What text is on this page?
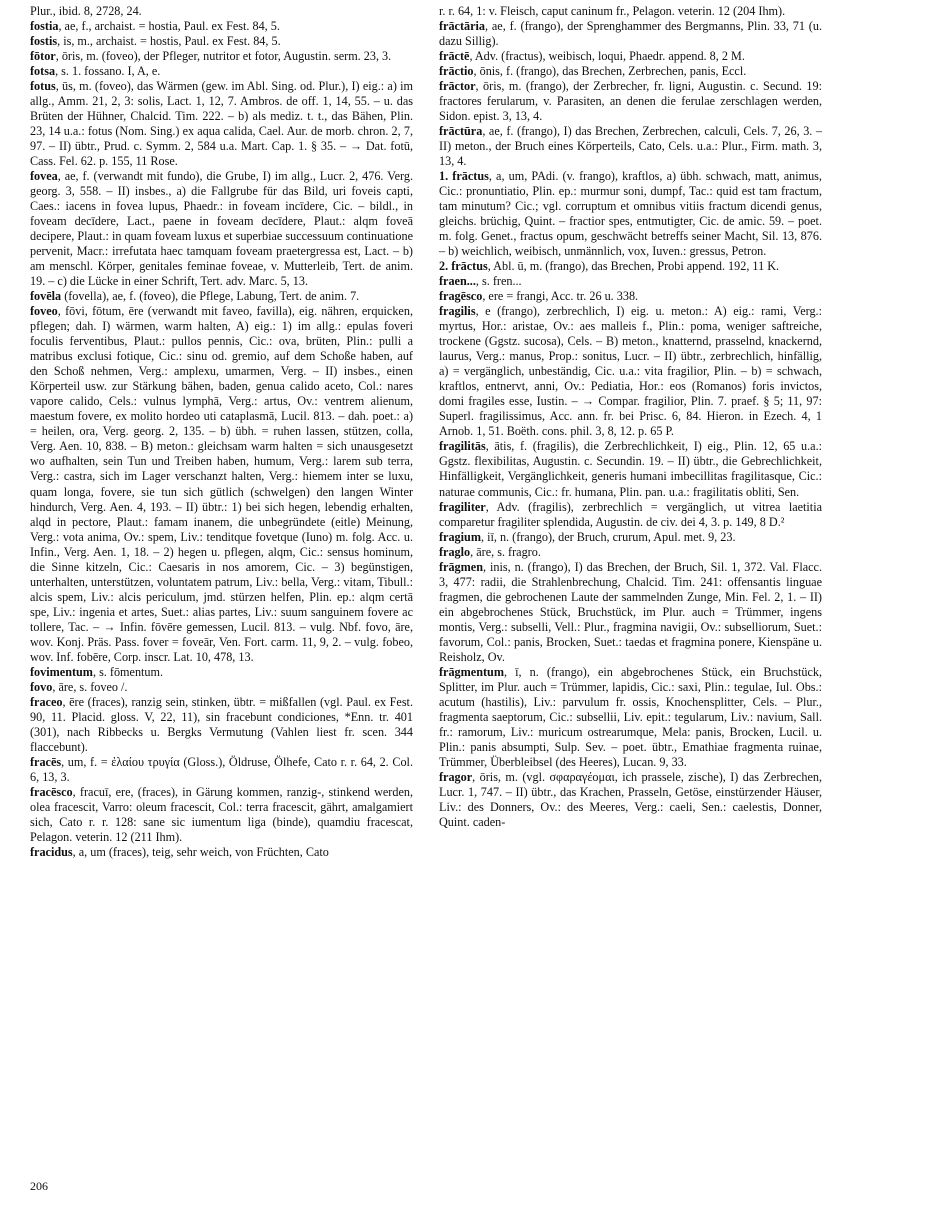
Plur., ibid. 8, 2728, 24.

fostia, ae, f., archaist. = hostia, Paul. ex Fest. 84, 5.

fostis, is, m., archaist. = hostis, Paul. ex Fest. 84, 5.

fōtor, ōris, m. (foveo), der Pfleger, nutritor et fotor, Augustin. serm. 23, 3.

fotsa, s. 1. fossano. I, A, e.

fotus, ūs, m. (foveo), das Wärmen (gew. im Abl. Sing. od. Plur.), I) eig.: a) im allg., Amm. 21, 2, 3: solis, Lact. 1, 12, 7. Ambros. de off. 1, 14, 55. – u. das Brüten der Hühner, Chalcid. Tim. 222. – b) als mediz. t. t., das Bähen, Plin. 23, 14 u.a.: fotus (Nom. Sing.) ex aqua calida, Cael. Aur. de morb. chron. 2, 7, 97. – II) übtr., Prud. c. Symm. 2, 584 u.a. Mart. Cap. 1. § 35. – → Dat. fotū, Cass. Fel. 62. p. 155, 11 Rose.

fovea, ae, f. (verwandt mit fundo), die Grube, I) im allg., Lucr. 2, 476. Verg. georg. 3, 558. – II) insbes., a) die Fallgrube für das Bild, uri foveis capti, Caes.: iacens in fovea lupus, Phaedr.: in foveam incīdere, Cic. – bildl., in foveam decīdere, Lact., paene in foveam decīdere, Plaut.: alqm foveā decipere, Plaut.: in quam foveam luxus et superbiae successuum continuatione pervenit, Macr.: irrefutata haec tamquam foveam praetergressa est, Lact. – b) am menschl. Körper, genitales feminae foveae, v. Mutterleib, Tert. de anim. 19. – c) die Lücke in einer Schrift, Tert. adv. Marc. 5, 13.

fovēla (fovella), ae, f. (foveo), die Pflege, Labung, Tert. de anim. 7.

foveo, fōvi, fōtum, ēre (verwandt mit faveo, favilla), eig. nähren, erquicken, pflegen; dah. I) wärmen, warm halten, A) eig.: 1) im allg.: epulas foveri foculis ferventibus, Plaut.: pullos pennis, Cic.: ova, brüten, Plin.: pulli a matribus exclusi fotique, Cic.: sinu od. gremio, auf dem Schoße haben, auf den Schoß nehmen, Verg.: amplexu, umarmen, Verg. – II) insbes., einen Körperteil usw. zur Stärkung bähen, baden, genua calido aceto, Col.: nares vapore calido, Cels.: vulnus lymphā, Verg.: artus, Ov.: ventrem alienum, maestum fovere, ex molito hordeo uti cataplasmā, Lucil. 813. – dah. poet.: a) = heilen, ora, Verg. georg. 2, 135. – b) übh. = ruhen lassen, stützen, colla, Verg. Aen. 10, 838. – B) meton.: gleichsam warm halten = sich unausgesetzt wo aufhalten, sein Tun und Treiben haben, humum, Verg.: larem sub terra, Verg.: castra, sich im Lager verschanzt halten, Verg.: hiemem inter se luxu, quam longa, fovere, sie tun sich gütlich (schwelgen) den langen Winter hindurch, Verg. Aen. 4, 193. – II) übtr.: 1) bei sich hegen, lebendig erhalten, alqd in pectore, Plaut.: famam inanem, die unbegründete (eitle) Meinung, Verg.: vota anima, Ov.: spem, Liv.: tenditque fovetque (Iuno) m. folg. Acc. u. Infin., Verg. Aen. 1, 18. – 2) hegen u. pflegen, alqm, Cic.: sensus hominum, die Sinne kitzeln, Cic.: Caesaris in nos amorem, Cic. – 3) begünstigen, unterhalten, unterstützen, voluntatem patrum, Liv.: bella, Verg.: vitam, Tibull.: alcis spem, Liv.: alcis periculum, jmd. stürzen helfen, Plin. ep.: alqm certā spe, Liv.: ingenia et artes, Suet.: alias partes, Liv.: suum sanguinem fovere ac tollere, Tac. – → Infin. fōvēre gemessen, Lucil. 813. – vulg. Nbf. fovo, āre, wov. Konj. Präs. Pass. fover = foveār, Ven. Fort. carm. 11, 9, 2. – vulg. fobeo, wov. Inf. fobēre, Corp. inscr. Lat. 10, 478, 13.

fovimentum, s. fōmentum.

fovo, āre, s. foveo /.

fraceo, ēre (fraces), ranzig sein, stinken, übtr. = mißfallen (vgl. Paul. ex Fest. 90, 11. Placid. gloss. V, 22, 11), sin fracebunt condiciones, *Enn. tr. 401 (301), nach Ribbecks u. Bergks Vermutung (Vahlen liest fr. scen. 344 flaccebunt).

fracēs, um, f. = ἐλαίου τρυγία (Gloss.), Öldruse, Ölhefe, Cato r. r. 64, 2. Col. 6, 13, 3.

fracēsco, fracuī, ere, (fraces), in Gärung kommen, ranzig-, stinkend werden, olea fracescit, Varro: oleum fracescit, Col.: terra fracescit, gährt, amalgamiert sich, Cato r. r. 128: sane sic iumentum liga (binde), quamdiu fracescat, Pelagon. veterin. 12 (211 Ihm).

fracidus, a, um (fraces), teig, sehr weich, von Früchten, Cato

r. r. 64, 1: v. Fleisch, caput caninum fr., Pelagon. veterin. 12 (204 Ihm).

frāctāria, ae, f. (frango), der Sprenghammer des Bergmanns, Plin. 33, 71 (u. dazu Sillig).

frāctē, Adv. (fractus), weibisch, loqui, Phaedr. append. 8, 2 M.

frāctio, ōnis, f. (frango), das Brechen, Zerbrechen, panis, Eccl.

frāctor, ōris, m. (frango), der Zerbrecher, fr. ligni, Augustin. c. Secund. 19: fractores ferularum, v. Parasiten, an denen die ferulae zerschlagen werden, Sidon. epist. 3, 13, 4.

frāctūra, ae, f. (frango), I) das Brechen, Zerbrechen, calculi, Cels. 7, 26, 3. – II) meton., der Bruch eines Körperteils, Cato, Cels. u.a.: Plur., Firm. math. 3, 13, 4.

1. frāctus, a, um, PAdi. (v. frango), kraftlos, a) übh. schwach, matt, animus, Cic.: pronuntiatio, Plin. ep.: murmur soni, dumpf, Tac.: quid est tam fractum, tam minutum? Cic.; vgl. corruptum et omnibus vitiis fractum dicendi genus, gleichs. brüchig, Quint. – fractior spes, entmutigter, Cic. de amic. 59. – poet. m. folg. Genet., fractus opum, geschwächt betreffs seiner Macht, Sil. 13, 876. – b) weichlich, weibisch, unmännlich, vox, Iuven.: gressus, Petron.

2. frāctus, Abl. ū, m. (frango), das Brechen, Probi append. 192, 11 K.

fraen..., s. fren...

fragēsco, ere = frangi, Acc. tr. 26 u. 338.

fragilis, e (frango), zerbrechlich, I) eig. u. meton.: A) eig.: rami, Verg.: myrtus, Hor.: aristae, Ov.: aes malleis f., Plin.: poma, weniger saftreiche, trockene (Ggstz. sucosa), Cels. – B) meton., knatternd, prasselnd, knackernd, laurus, Verg.: manus, Prop.: sonitus, Lucr. – II) übtr., zerbrechlich, hinfällig, a) = vergänglich, unbeständig, Cic. u.a.: vita fragilior, Plin. – b) = schwach, kraftlos, entnervt, anni, Ov.: Pediatia, Hor.: eos (Romanos) foris invictos, domi fragiles esse, Iustin. – → Compar. fragilior, Plin. 7. praef. § 5; 11, 97: Superl. fragilissimus, Acc. ann. fr. bei Prisc. 6, 84. Hieron. in Ezech. 4, 1 Arnob. 1, 51. Boëth. cons. phil. 3, 8, 12. p. 65 P.

fragilitās, ātis, f. (fragilis), die Zerbrechlichkeit, I) eig., Plin. 12, 65 u.a.: Ggstz. flexibilitas, Augustin. c. Secundin. 19. – II) übtr., die Gebrechlichkeit, Hinfälligkeit, Vergänglichkeit, generis humani imbecillitas fragilitasque, Cic.: naturae communis, Cic.: fr. humana, Plin. pan. u.a.: fragilitatis obliti, Sen.

fragiliter, Adv. (fragilis), zerbrechlich = vergänglich, ut vitrea laetitia comparetur fragiliter splendida, Augustin. de civ. dei 4, 3. p. 149, 8 D.²

fragium, iī, n. (frango), der Bruch, crurum, Apul. met. 9, 23.

fraglo, āre, s. fragro.

frāgmen, inis, n. (frango), I) das Brechen, der Bruch, Sil. 1, 372. Val. Flacc. 3, 477: radii, die Strahlenbrechung, Chalcid. Tim. 241: offensantis linguae fragmen, die gebrochenen Laute der sammelnden Zunge, Min. Fel. 2, 1. – II) ein abgebrochenes Stück, Bruchstück, im Plur. auch = Trümmer, ingens montis, Verg.: subselli, Vell.: Plur., fragmina navigii, Ov.: subselliorum, Suet.: favorum, Col.: panis, Brocken, Suet.: taedas et fragmina ponere, Kienspäne u. Reisholz, Ov.

frāgmentum, ī, n. (frango), ein abgebrochenes Stück, ein Bruchstück, Splitter, im Plur. auch = Trümmer, lapidis, Cic.: saxi, Plin.: tegulae, Iul. Obs.: acutum (hastilis), Liv.: parvulum fr. ossis, Knochensplitter, Cels. – Plur., fragmenta saeptorum, Cic.: subsellii, Liv. epit.: tegularum, Liv.: navium, Sall. fr.: ramorum, Liv.: muricum ostrearumque, Mela: panis, Brocken, Lucil. u. Plin.: panis absumpti, Sulp. Sev. – poet. übtr., Emathiae fragmenta ruinae, Trümmer, Überbleibsel (des Heeres), Lucan. 9, 33.

fragor, ōris, m. (vgl. σφαραγέομαι, ich prassele, zische), I) das Zerbrechen, Lucr. 1, 747. – II) übtr., das Krachen, Prasseln, Getöse, einstürzender Häuser, Liv.: des Donners, Ov.: des Meeres, Verg.: caeli, Sen.: caelestis, Donner, Quint. caden-

206
